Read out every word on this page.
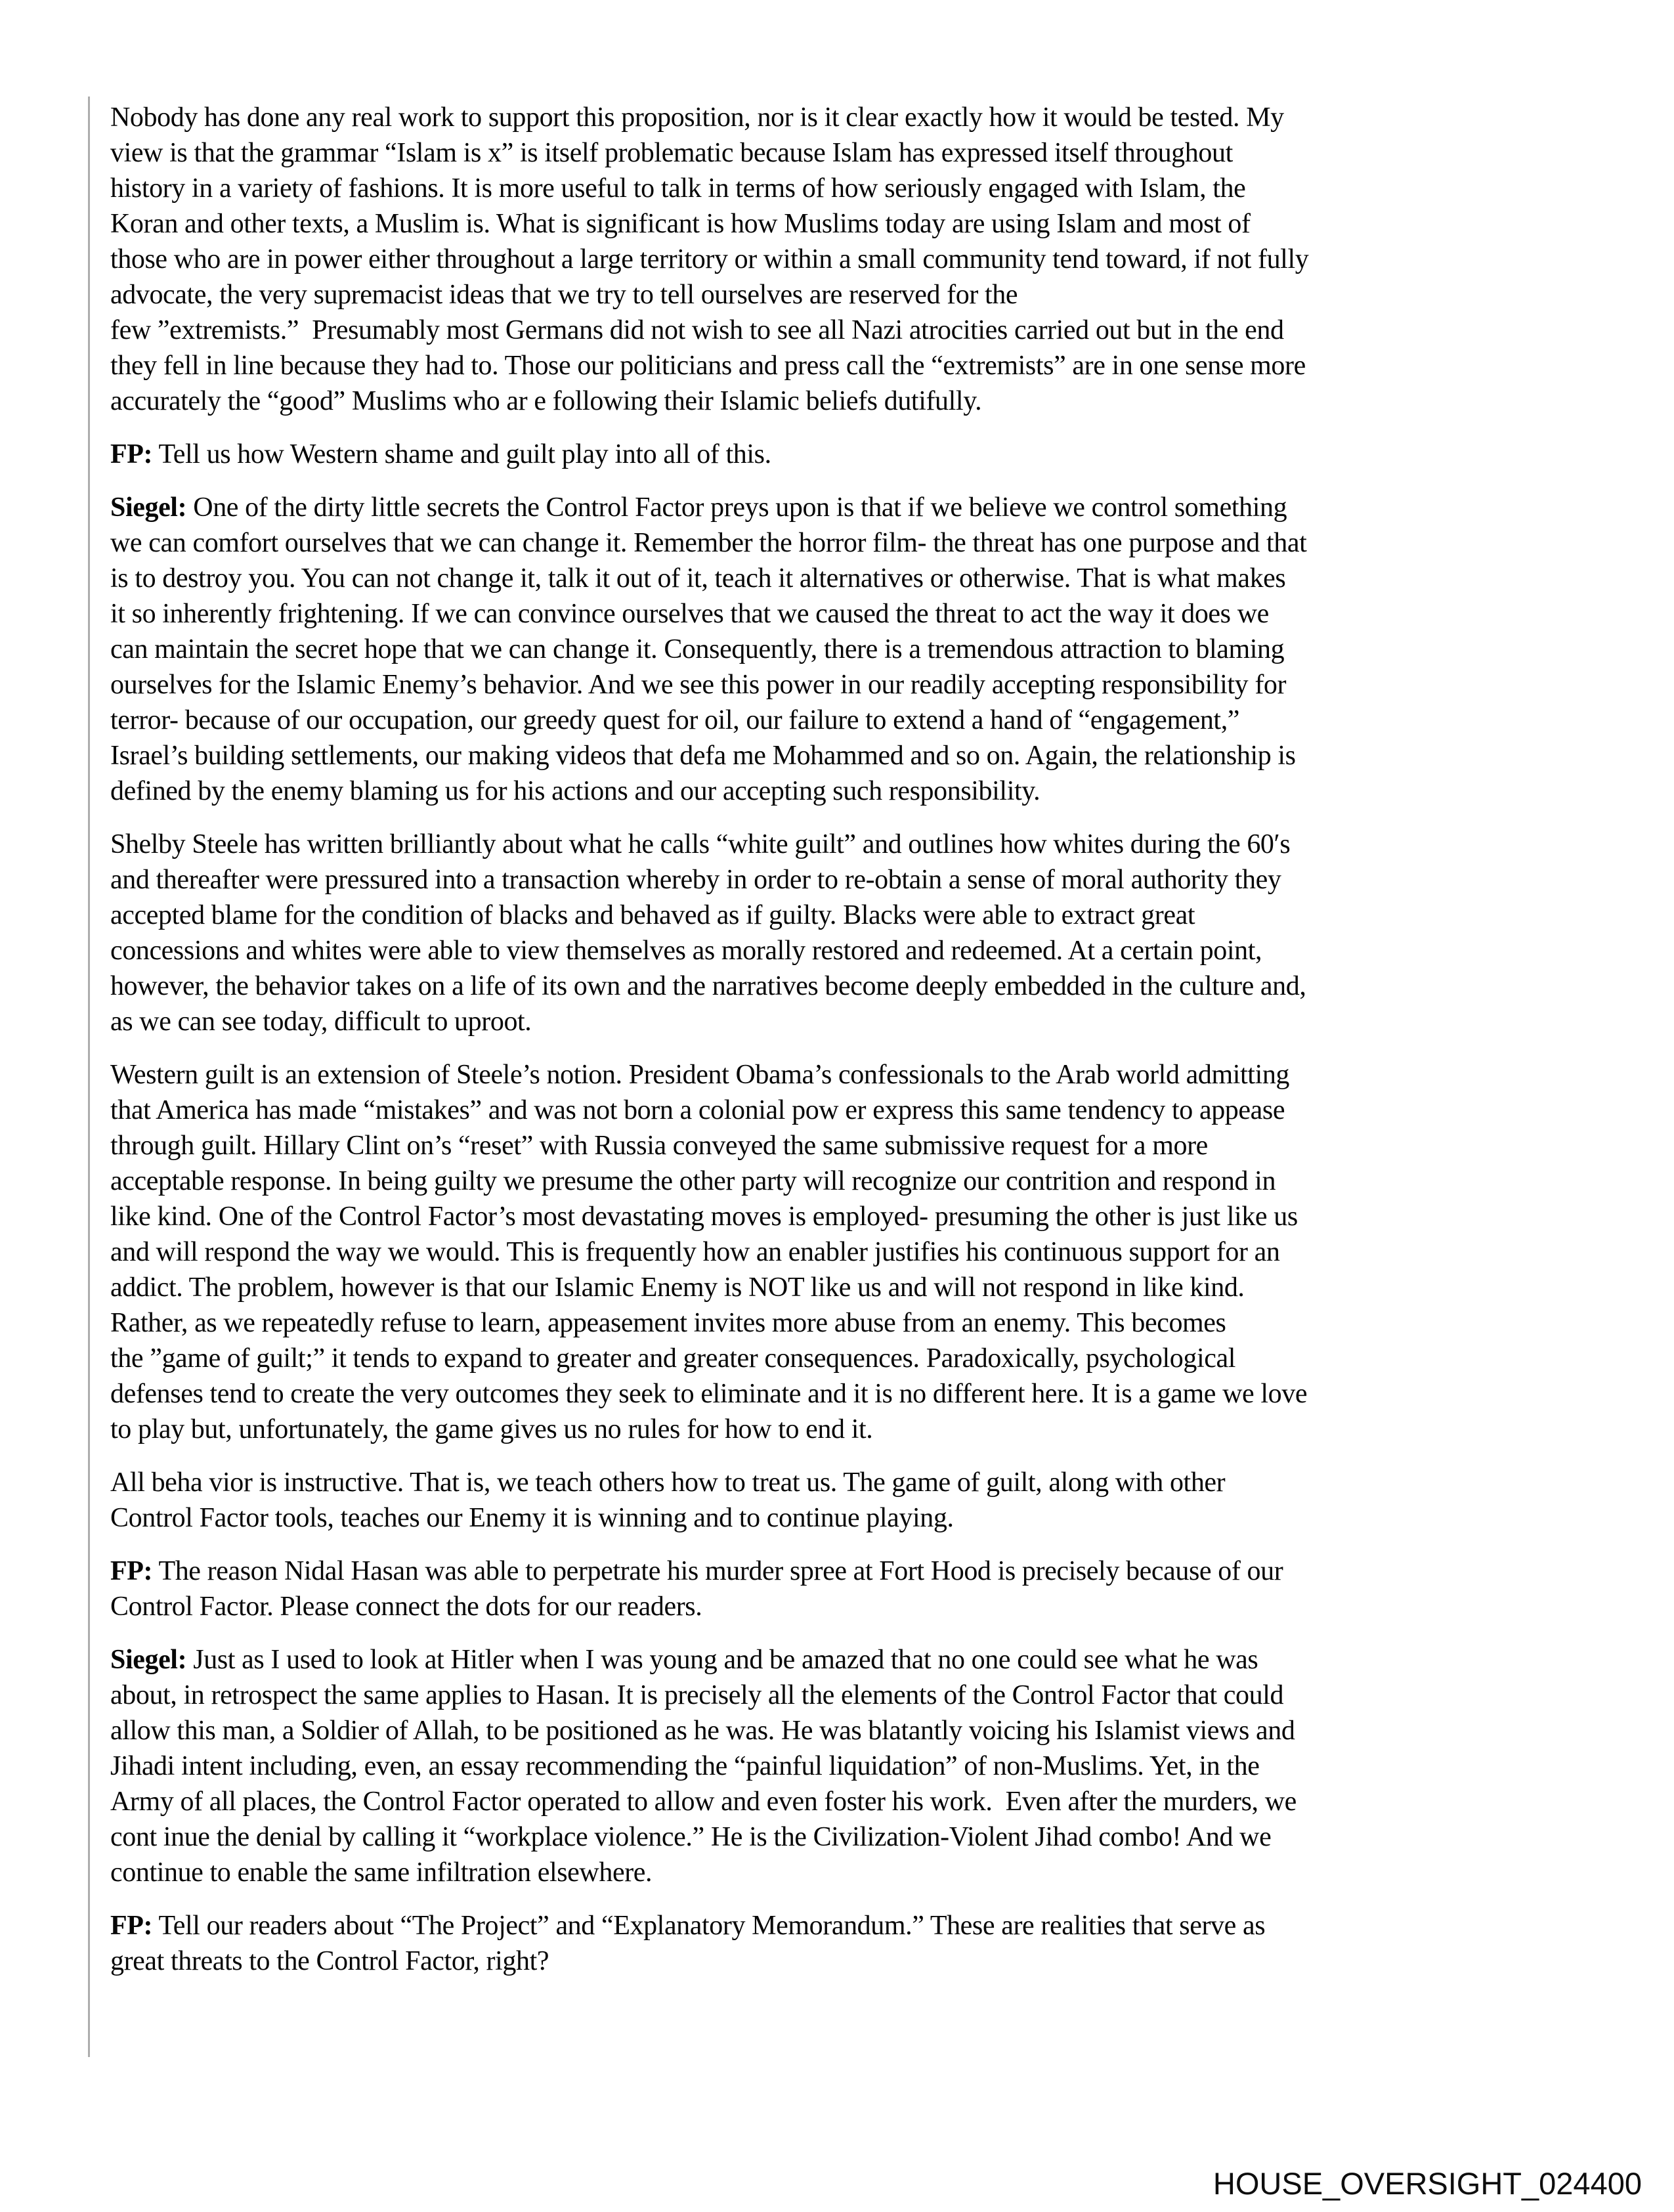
Nobody has done any real work to support this proposition, nor is it clear exactly how it would be tested. My
view is that the grammar “Islam is x” is itself problematic because Islam has expressed itself throughout
history in a variety of fashions. It is more useful to talk in terms of how seriously engaged with Islam, the
Koran and other texts, a Muslim is. What is significant is how Muslims today are using Islam and most of
those who are in power either throughout a large territory or within a small community tend toward, if not fully
advocate, the very supremacist ideas that we try to tell ourselves are reserved for the
few ”extremists.”  Presumably most Germans did not wish to see all Nazi atrocities carried out but in the end
they fell in line because they had to. Those our politicians and press call the “extremists” are in one sense more
accurately the “good” Muslims who ar e following their Islamic beliefs dutifully.
FP: Tell us how Western shame and guilt play into all of this.
Siegel: One of the dirty little secrets the Control Factor preys upon is that if we believe we control something
we can comfort ourselves that we can change it. Remember the horror film- the threat has one purpose and that
is to destroy you. You can not change it, talk it out of it, teach it alternatives or otherwise. That is what makes
it so inherently frightening. If we can convince ourselves that we caused the threat to act the way it does we
can maintain the secret hope that we can change it. Consequently, there is a tremendous attraction to blaming
ourselves for the Islamic Enemy’s behavior. And we see this power in our readily accepting responsibility for
terror- because of our occupation, our greedy quest for oil, our failure to extend a hand of “engagement,”
Israel’s building settlements, our making videos that defa me Mohammed and so on. Again, the relationship is
defined by the enemy blaming us for his actions and our accepting such responsibility.
Shelby Steele has written brilliantly about what he calls “white guilt” and outlines how whites during the 60′s
and thereafter were pressured into a transaction whereby in order to re-obtain a sense of moral authority they
accepted blame for the condition of blacks and behaved as if guilty. Blacks were able to extract great
concessions and whites were able to view themselves as morally restored and redeemed. At a certain point,
however, the behavior takes on a life of its own and the narratives become deeply embedded in the culture and,
as we can see today, difficult to uproot.
Western guilt is an extension of Steele’s notion. President Obama’s confessionals to the Arab world admitting
that America has made “mistakes” and was not born a colonial pow er express this same tendency to appease
through guilt. Hillary Clint on’s “reset” with Russia conveyed the same submissive request for a more
acceptable response. In being guilty we presume the other party will recognize our contrition and respond in
like kind. One of the Control Factor’s most devastating moves is employed- presuming the other is just like us
and will respond the way we would. This is frequently how an enabler justifies his continuous support for an
addict. The problem, however is that our Islamic Enemy is NOT like us and will not respond in like kind.
Rather, as we repeatedly refuse to learn, appeasement invites more abuse from an enemy. This becomes
the ”game of guilt;” it tends to expand to greater and greater consequences. Paradoxically, psychological
defenses tend to create the very outcomes they seek to eliminate and it is no different here. It is a game we love
to play but, unfortunately, the game gives us no rules for how to end it.
All beha vior is instructive. That is, we teach others how to treat us. The game of guilt, along with other
Control Factor tools, teaches our Enemy it is winning and to continue playing.
FP: The reason Nidal Hasan was able to perpetrate his murder spree at Fort Hood is precisely because of our
Control Factor. Please connect the dots for our readers.
Siegel: Just as I used to look at Hitler when I was young and be amazed that no one could see what he was
about, in retrospect the same applies to Hasan. It is precisely all the elements of the Control Factor that could
allow this man, a Soldier of Allah, to be positioned as he was. He was blatantly voicing his Islamist views and
Jihadi intent including, even, an essay recommending the “painful liquidation” of non-Muslims. Yet, in the
Army of all places, the Control Factor operated to allow and even foster his work.  Even after the murders, we
cont inue the denial by calling it “workplace violence.” He is the Civilization-Violent Jihad combo! And we
continue to enable the same infiltration elsewhere.
FP: Tell our readers about “The Project” and “Explanatory Memorandum.” These are realities that serve as
great threats to the Control Factor, right?
HOUSE_OVERSIGHT_024400
